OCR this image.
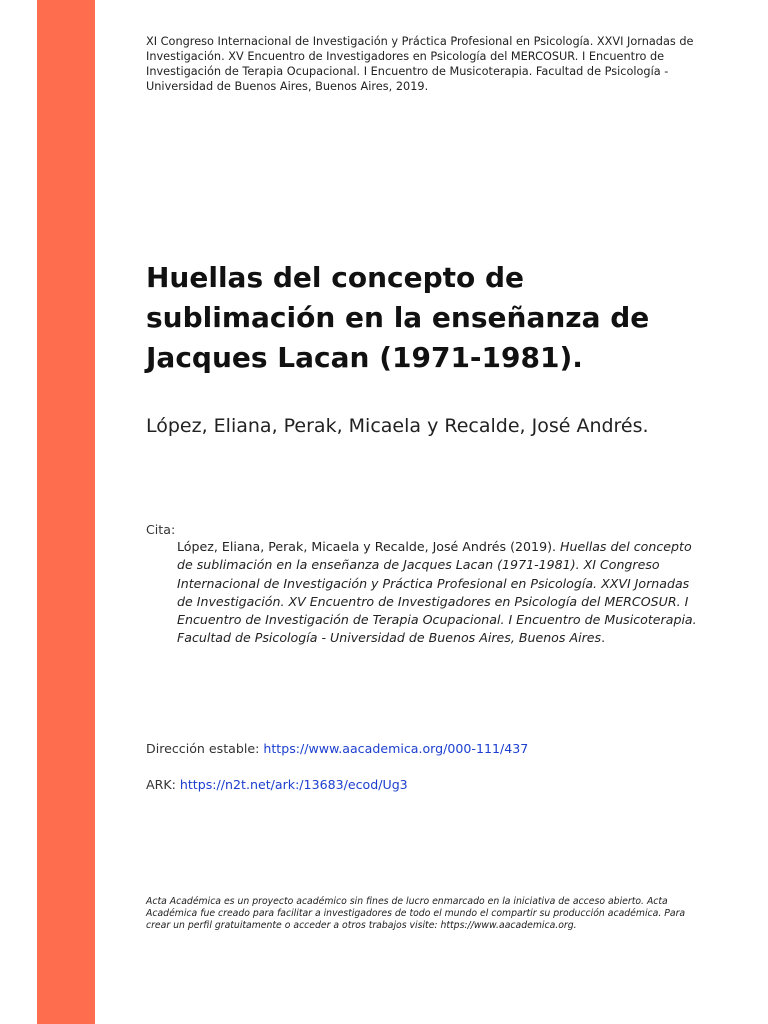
XI Congreso Internacional de Investigación y Práctica Profesional en Psicología. XXVI Jornadas de Investigación. XV Encuentro de Investigadores en Psicología del MERCOSUR. I Encuentro de Investigación de Terapia Ocupacional. I Encuentro de Musicoterapia. Facultad de Psicología - Universidad de Buenos Aires, Buenos Aires, 2019.
Huellas del concepto de sublimación en la enseñanza de Jacques Lacan (1971-1981).
López, Eliana, Perak, Micaela y Recalde, José Andrés.
Cita:
López, Eliana, Perak, Micaela y Recalde, José Andrés (2019). Huellas del concepto de sublimación en la enseñanza de Jacques Lacan (1971-1981). XI Congreso Internacional de Investigación y Práctica Profesional en Psicología. XXVI Jornadas de Investigación. XV Encuentro de Investigadores en Psicología del MERCOSUR. I Encuentro de Investigación de Terapia Ocupacional. I Encuentro de Musicoterapia. Facultad de Psicología - Universidad de Buenos Aires, Buenos Aires.
Dirección estable: https://www.aacademica.org/000-111/437
ARK: https://n2t.net/ark:/13683/ecod/Ug3
Acta Académica es un proyecto académico sin fines de lucro enmarcado en la iniciativa de acceso abierto. Acta Académica fue creado para facilitar a investigadores de todo el mundo el compartir su producción académica. Para crear un perfil gratuitamente o acceder a otros trabajos visite: https://www.aacademica.org.
